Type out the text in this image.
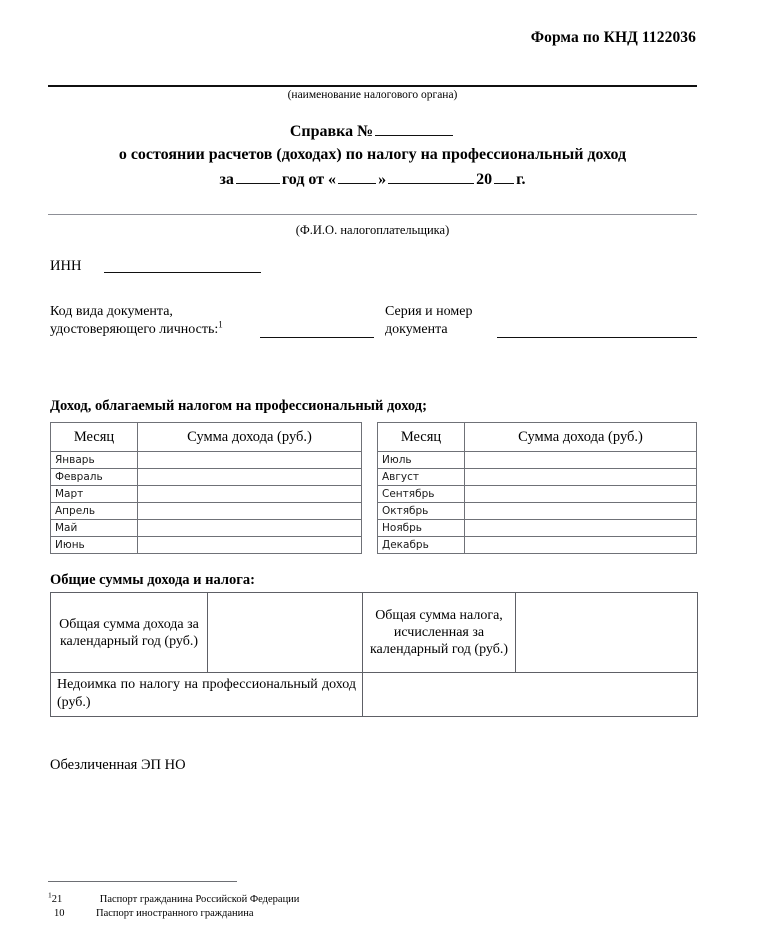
Форма по КНД 1122036
(наименование налогового органа)
Справка №
о состоянии расчетов (доходах) по налогу на профессиональный доход
за	год от «	»	20 г.
(Ф.И.О. налогоплательщика)
ИНН
Код вида документа,
удостоверяющего личность:$^1$
Серия и номер
документа
Доход, облагаемый налогом на профессиональный доход;
Месяц	Сумма дохода (руб.)
Январь	
Февраль	
Март	
Апрель	
Май	
Июнь	
Месяц	Сумма дохода (руб.)
Июль	
Август	
Сентябрь	
Октябрь	
Ноябрь	
Декабрь	
Общие суммы дохода и налога:
Общая сумма дохода за календарный год (руб.)		Общая сумма налога, исчисленная за календарный год (руб.)	
Недоимка по налогу на профессиональный доход (руб.)			
Обезличенная ЭП НО
$^1$21	Паспорт гражданина Российской Федерации
10	Паспорт иностранного гражданина
